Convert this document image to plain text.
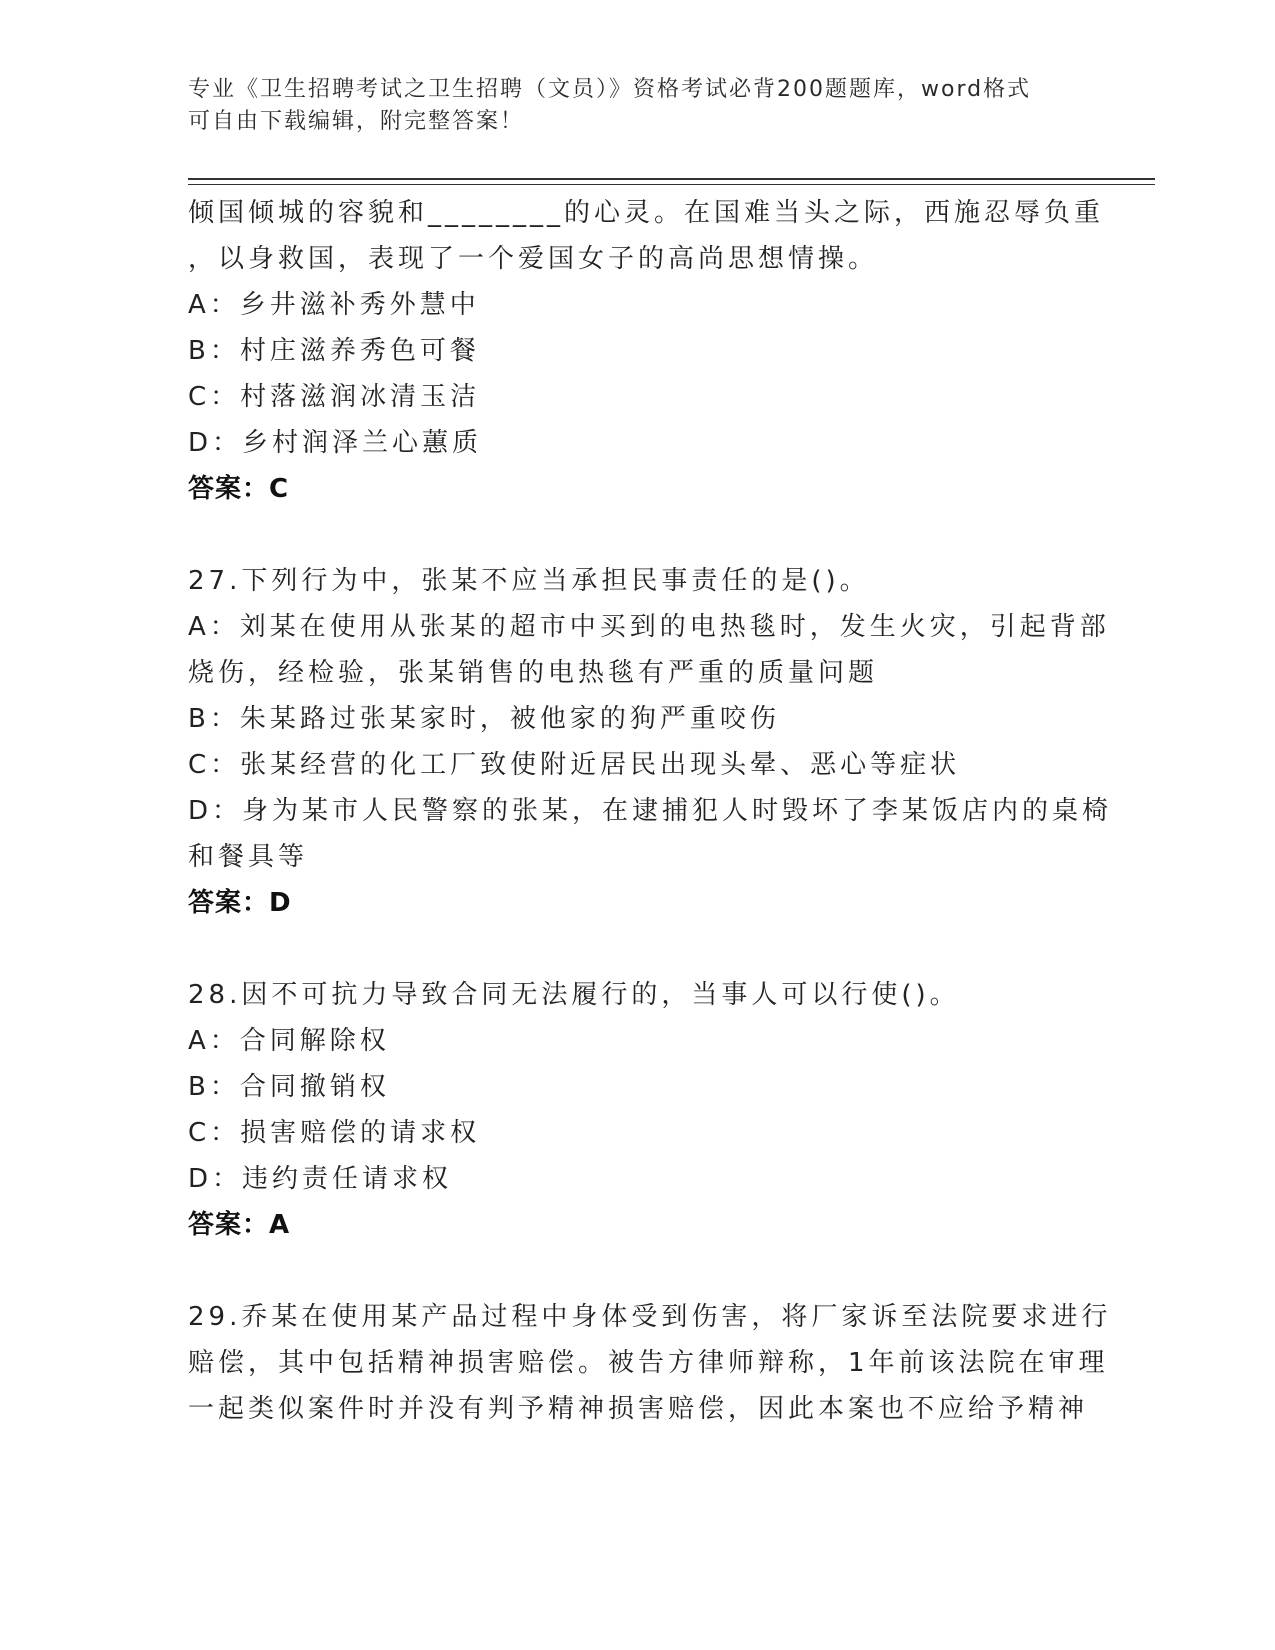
专业《卫生招聘考试之卫生招聘（文员）》资格考试必背200题题库，word格式
可自由下载编辑，附完整答案！
倾国倾城的容貌和________的心灵。在国难当头之际，西施忍辱负重
，以身救国，表现了一个爱国女子的高尚思想情操。
A：乡井滋补秀外慧中
B：村庄滋养秀色可餐
C：村落滋润冰清玉洁
D：乡村润泽兰心蕙质
答案：C
27.下列行为中，张某不应当承担民事责任的是()。
A：刘某在使用从张某的超市中买到的电热毯时，发生火灾，引起背部
烧伤，经检验，张某销售的电热毯有严重的质量问题
B：朱某路过张某家时，被他家的狗严重咬伤
C：张某经营的化工厂致使附近居民出现头晕、恶心等症状
D：身为某市人民警察的张某，在逮捕犯人时毁坏了李某饭店内的桌椅
和餐具等
答案：D
28.因不可抗力导致合同无法履行的，当事人可以行使()。
A：合同解除权
B：合同撤销权
C：损害赔偿的请求权
D：违约责任请求权
答案：A
29.乔某在使用某产品过程中身体受到伤害，将厂家诉至法院要求进行
赔偿，其中包括精神损害赔偿。被告方律师辩称，1年前该法院在审理
一起类似案件时并没有判予精神损害赔偿，因此本案也不应给予精神
